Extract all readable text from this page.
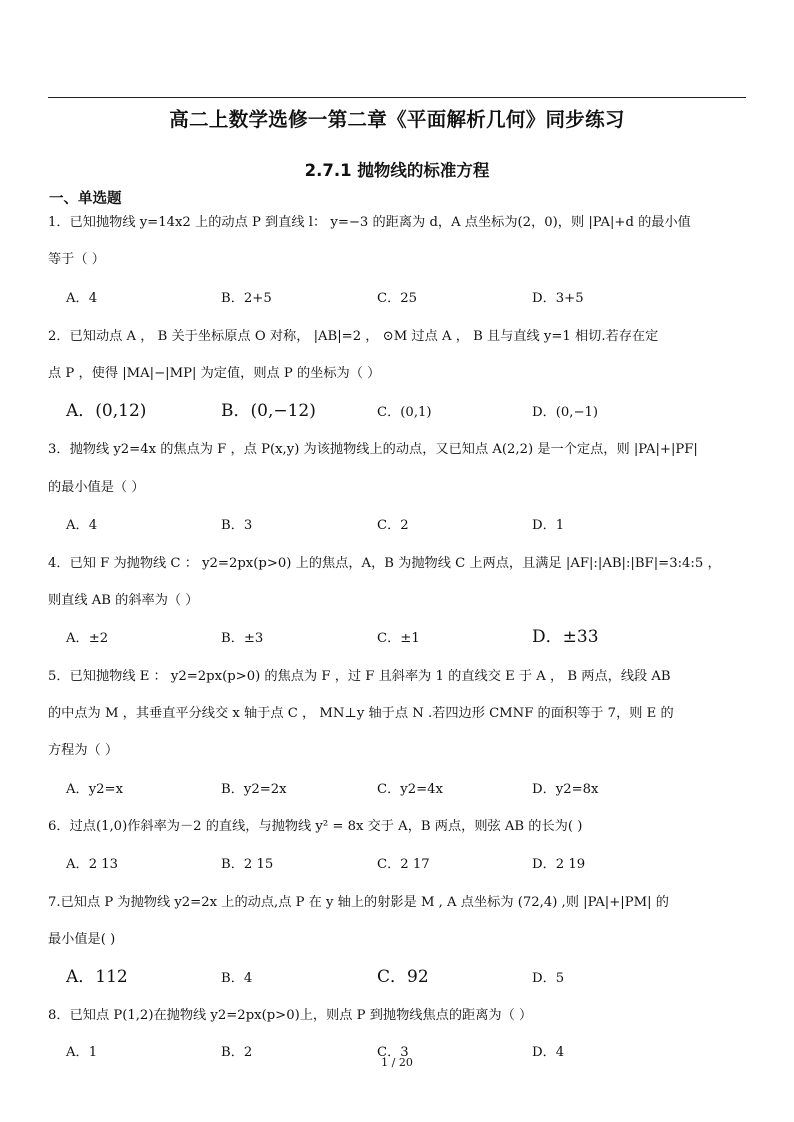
高二上数学选修一第二章《平面解析几何》同步练习
2.7.1 抛物线的标准方程
一、单选题
1．已知抛物线 y=14x2 上的动点 P 到直线 l： y=−3 的距离为 d，A 点坐标为(2，0)，则 |PA|+d 的最小值
等于（ ）
A．4	B．2+5	C．25	D．3+5
2．已知动点 A ， B 关于坐标原点 O 对称， |AB|=2 ， ⊙M 过点 A ， B 且与直线 y=1 相切.若存在定
点 P ，使得 |MA|−|MP| 为定值，则点 P 的坐标为（ ）
A．(0,12)	B．(0,−12)	C．(0,1)	D．(0,−1)
3．抛物线 y2=4x 的焦点为 F ，点 P(x,y) 为该抛物线上的动点，又已知点 A(2,2) 是一个定点，则 |PA|+|PF|
的最小值是（ ）
A．4	B．3	C．2	D．1
4．已知 F 为抛物线 C ： y2=2px(p>0) 上的焦点，A，B 为抛物线 C 上两点，且满足 |AF|:|AB|:|BF|=3:4:5 ，
则直线 AB 的斜率为（ ）
A．±2	B．±3	C．±1	D．±33
5．已知抛物线 E ： y2=2px(p>0) 的焦点为 F ，过 F 且斜率为 1 的直线交 E 于 A ， B 两点，线段 AB
的中点为 M ，其垂直平分线交 x 轴于点 C ， MN⊥y 轴于点 N .若四边形 CMNF 的面积等于 7，则 E 的
方程为（ ）
A．y2=x	B．y2=2x	C．y2=4x	D．y2=8x
6．过点(1,0)作斜率为－2 的直线，与抛物线 y² = 8x 交于 A，B 两点，则弦 AB 的长为( )
A．2 13	B．2 15	C．2 17	D．2 19
7.已知点 P 为抛物线 y2=2x 上的动点,点 P 在 y 轴上的射影是 M , A 点坐标为 (72,4) ,则 |PA|+|PM| 的
最小值是( )
A．112	B．4	C．92	D．5
8．已知点 P(1,2)在抛物线 y2=2px(p>0)上，则点 P 到抛物线焦点的距离为（ ）
A．1	B．2	C．3	D．4
1 / 20
